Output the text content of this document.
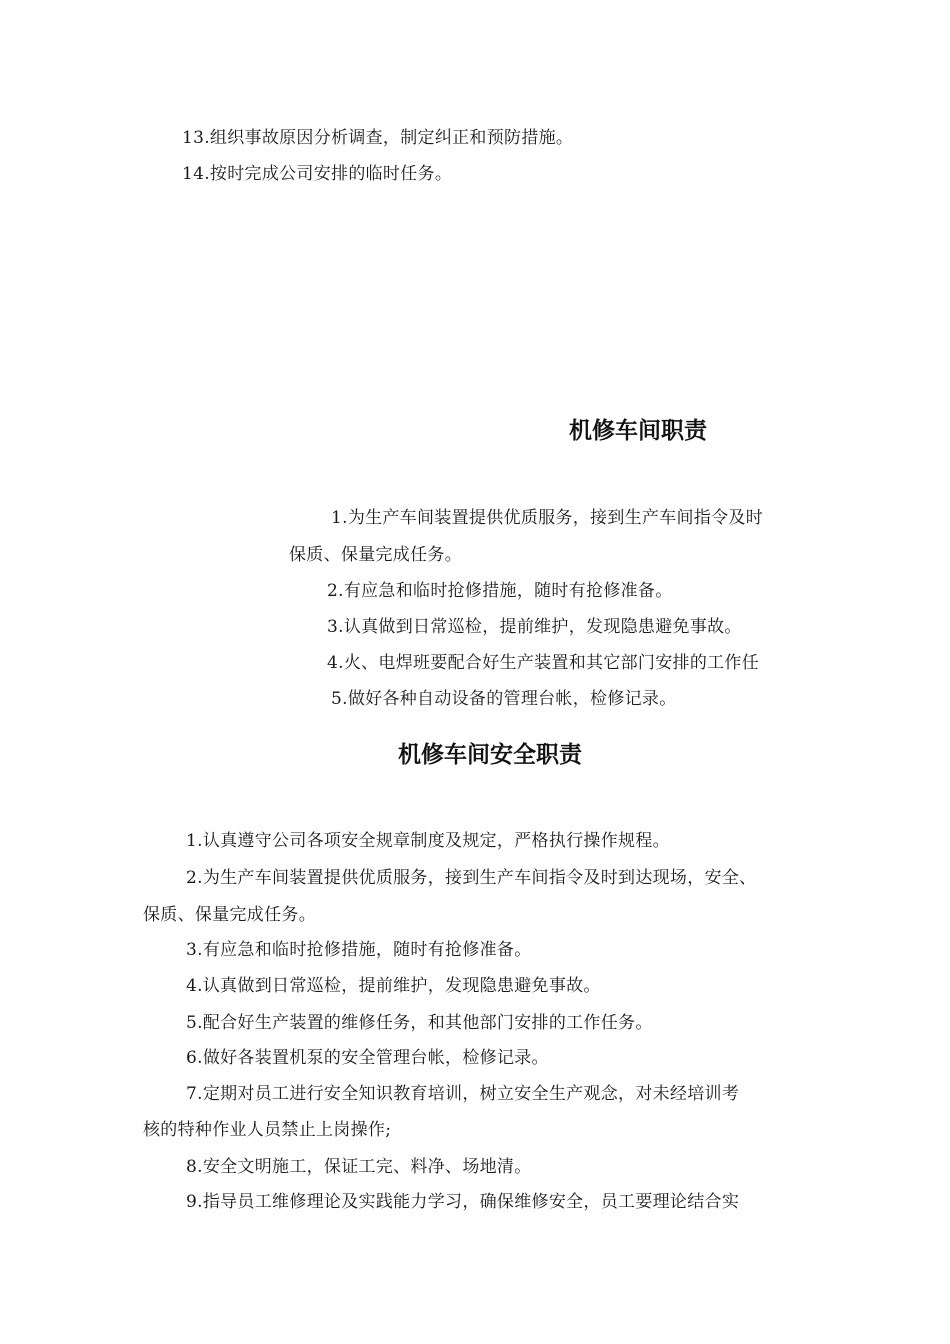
13.组织事故原因分析调查，制定纠正和预防措施。
14.按时完成公司安排的临时任务。
机修车间职责
1.为生产车间装置提供优质服务，接到生产车间指令及时
保质、保量完成任务。
2.有应急和临时抢修措施，随时有抢修准备。
3.认真做到日常巡检，提前维护，发现隐患避免事故。
4.火、电焊班要配合好生产装置和其它部门安排的工作任
5.做好各种自动设备的管理台帐，检修记录。
机修车间安全职责
1.认真遵守公司各项安全规章制度及规定，严格执行操作规程。
2.为生产车间装置提供优质服务，接到生产车间指令及时到达现场，安全、
保质、保量完成任务。
3.有应急和临时抢修措施，随时有抢修准备。
4.认真做到日常巡检，提前维护，发现隐患避免事故。
5.配合好生产装置的维修任务，和其他部门安排的工作任务。
6.做好各装置机泵的安全管理台帐，检修记录。
7.定期对员工进行安全知识教育培训，树立安全生产观念，对未经培训考
核的特种作业人员禁止上岗操作;
8.安全文明施工，保证工完、料净、场地清。
9.指导员工维修理论及实践能力学习，确保维修安全，员工要理论结合实
